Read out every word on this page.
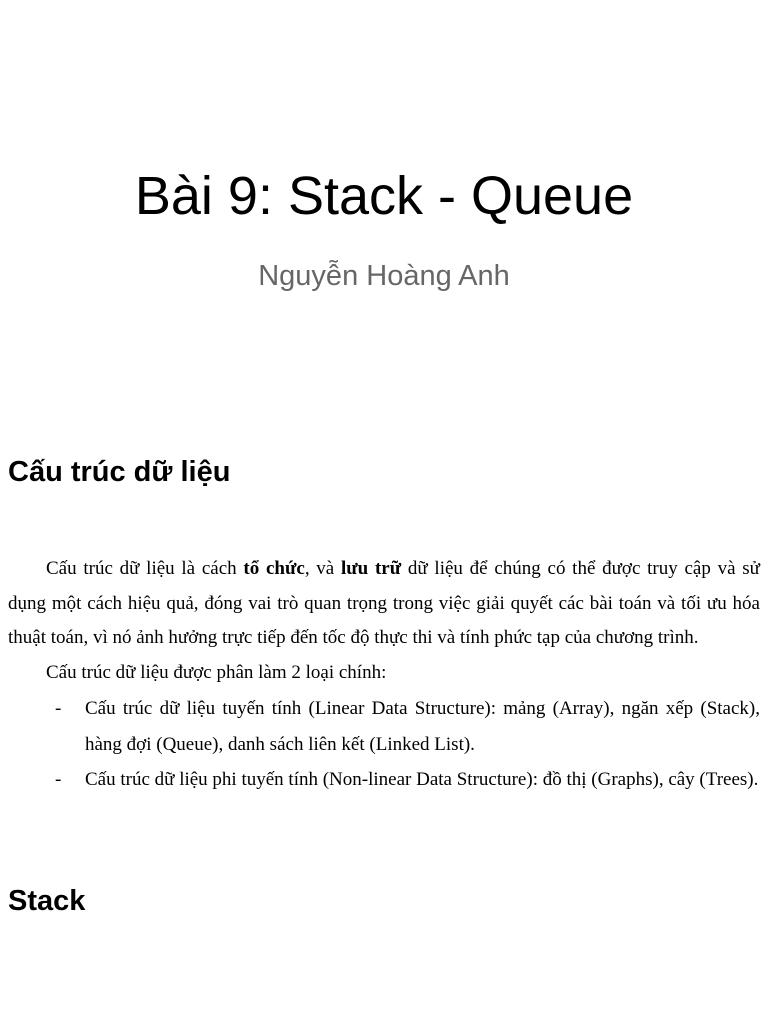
Bài 9: Stack - Queue
Nguyễn Hoàng Anh
Cấu trúc dữ liệu

Cấu trúc dữ liệu là cách tổ chức, và lưu trữ dữ liệu để chúng có thể được truy cập và sử dụng một cách hiệu quả, đóng vai trò quan trọng trong việc giải quyết các bài toán và tối ưu hóa thuật toán, vì nó ảnh hưởng trực tiếp đến tốc độ thực thi và tính phức tạp của chương trình.

Cấu trúc dữ liệu được phân làm 2 loại chính:

- Cấu trúc dữ liệu tuyến tính (Linear Data Structure): mảng (Array), ngăn xếp (Stack), hàng đợi (Queue), danh sách liên kết (Linked List).
- Cấu trúc dữ liệu phi tuyến tính (Non-linear Data Structure): đồ thị (Graphs), cây (Trees).
Stack
